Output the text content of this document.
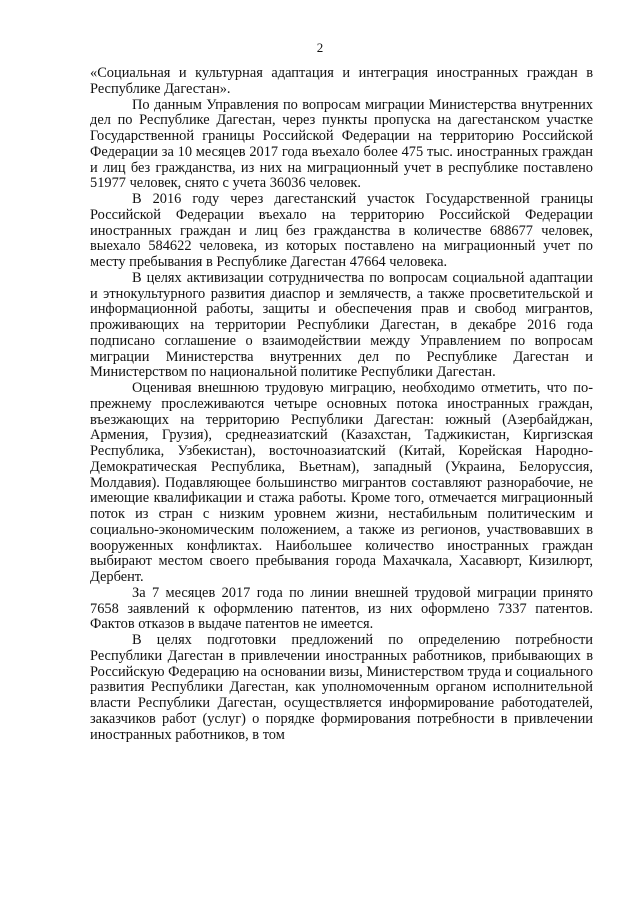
2

«Социальная и культурная адаптация и интеграция иностранных граждан в Республике Дагестан».

По данным Управления по вопросам миграции Министерства внутренних дел по Республике Дагестан, через пункты пропуска на дагестанском участке Государственной границы Российской Федерации на территорию Российской Федерации за 10 месяцев 2017 года въехало более 475 тыс. иностранных граждан и лиц без гражданства, из них на миграционный учет в республике поставлено 51977 человек, снято с учета 36036 человек.

В 2016 году через дагестанский участок Государственной границы Российской Федерации въехало на территорию Российской Федерации иностранных граждан и лиц без гражданства в количестве 688677 человек, выехало 584622 человека, из которых поставлено на миграционный учет по месту пребывания в Республике Дагестан 47664 человека.

В целях активизации сотрудничества по вопросам социальной адаптации и этнокультурного развития диаспор и землячеств, а также просветительской и информационной работы, защиты и обеспечения прав и свобод мигрантов, проживающих на территории Республики Дагестан, в декабре 2016 года подписано соглашение о взаимодействии между Управлением по вопросам миграции Министерства внутренних дел по Республике Дагестан и Министерством по национальной политике Республики Дагестан.

Оценивая внешнюю трудовую миграцию, необходимо отметить, что по-прежнему прослеживаются четыре основных потока иностранных граждан, въезжающих на территорию Республики Дагестан: южный (Азербайджан, Армения, Грузия), среднеазиатский (Казахстан, Таджикистан, Киргизская Республика, Узбекистан), восточноазиатский (Китай, Корейская Народно-Демократическая Республика, Вьетнам), западный (Украина, Белоруссия, Молдавия). Подавляющее большинство мигрантов составляют разнорабочие, не имеющие квалификации и стажа работы. Кроме того, отмечается миграционный поток из стран с низким уровнем жизни, нестабильным политическим и социально-экономическим положением, а также из регионов, участвовавших в вооруженных конфликтах. Наибольшее количество иностранных граждан выбирают местом своего пребывания города Махачкала, Хасавюрт, Кизилюрт, Дербент.

За 7 месяцев 2017 года по линии внешней трудовой миграции принято 7658 заявлений к оформлению патентов, из них оформлено 7337 патентов. Фактов отказов в выдаче патентов не имеется.

В целях подготовки предложений по определению потребности Республики Дагестан в привлечении иностранных работников, прибывающих в Российскую Федерацию на основании визы, Министерством труда и социального развития Республики Дагестан, как уполномоченным органом исполнительной власти Республики Дагестан, осуществляется информирование работодателей, заказчиков работ (услуг) о порядке формирования потребности в привлечении иностранных работников, в том
